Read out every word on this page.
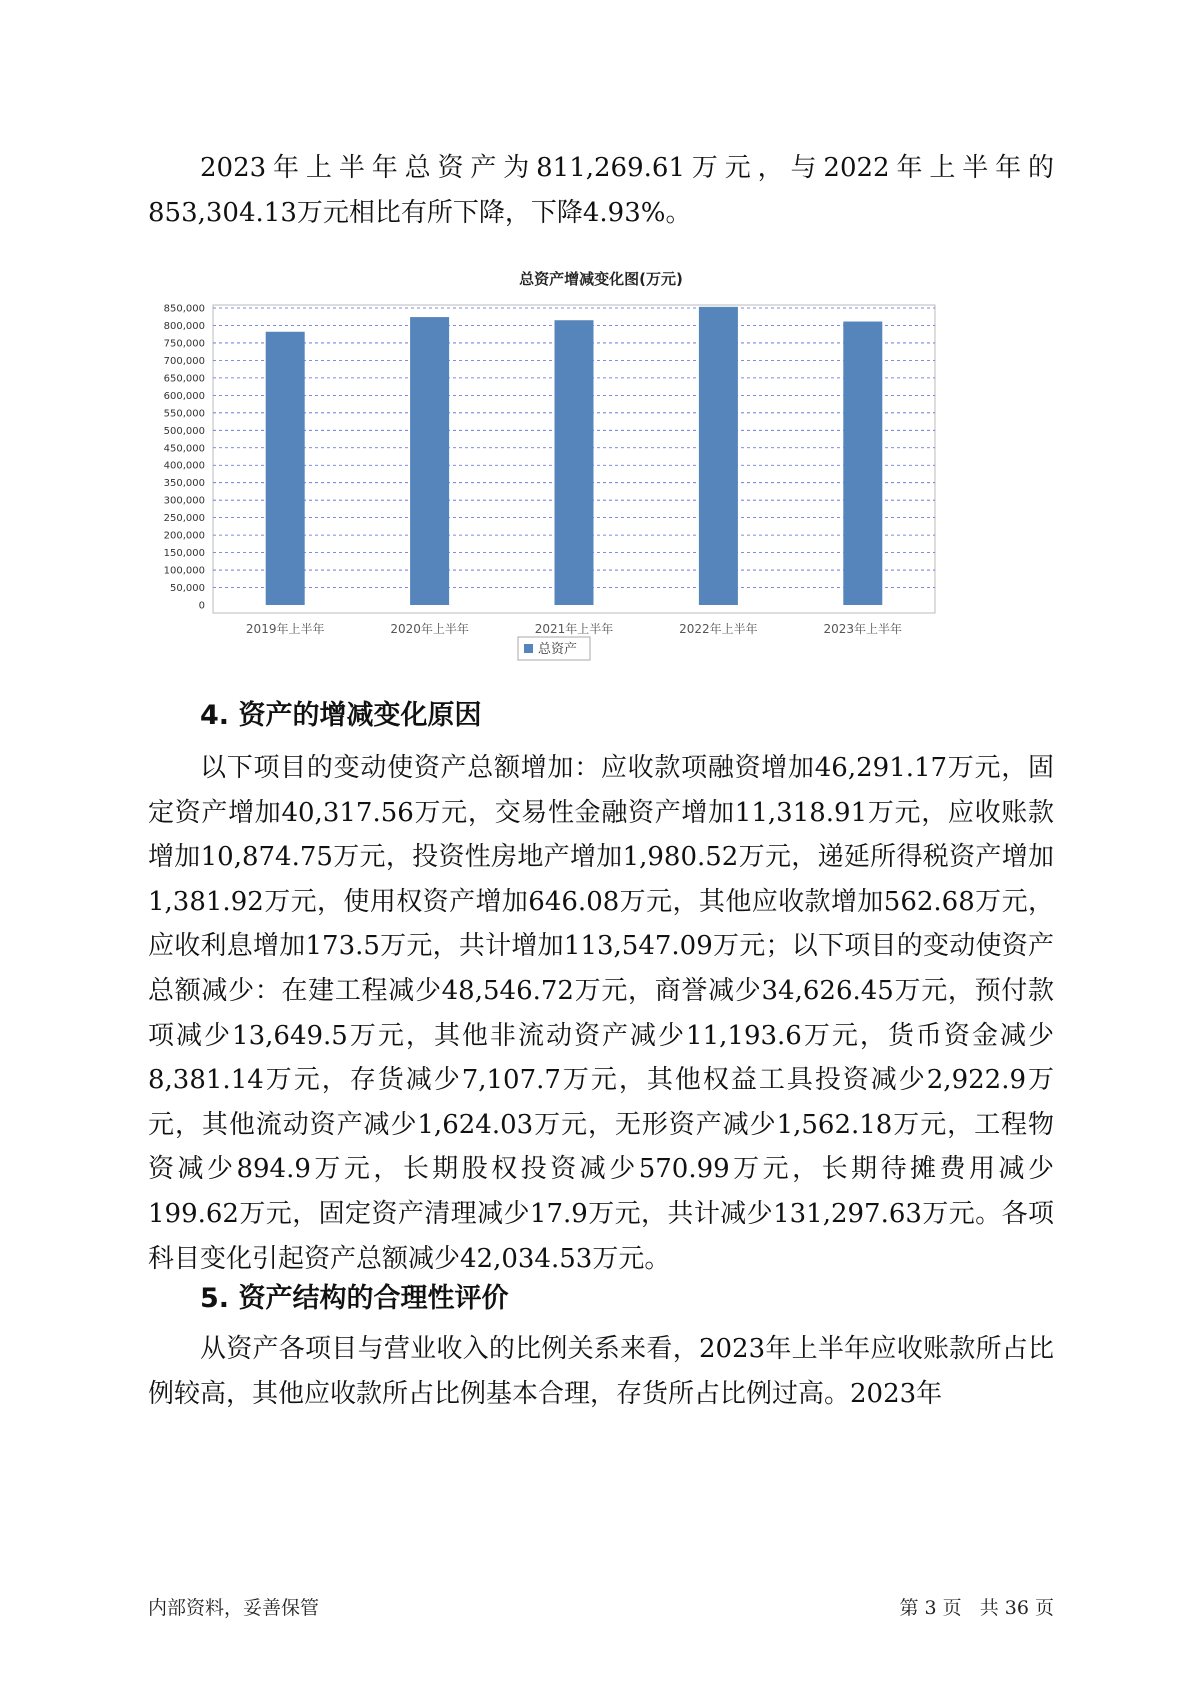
2023年上半年总资产为811,269.61万元，与2022年上半年的853,304.13万元相比有所下降，下降4.93%。

总资产增减变化图(万元)
0
50,000
100,000
150,000
200,000
250,000
300,000
350,000
400,000
450,000
500,000
550,000
600,000
650,000
700,000
750,000
800,000
850,000
2019年上半年	2020年上半年	2021年上半年	2022年上半年	2023年上半年
总资产
4. 资产的增减变化原因

以下项目的变动使资产总额增加：应收款项融资增加46,291.17万元，固定资产增加40,317.56万元，交易性金融资产增加11,318.91万元，应收账款增加10,874.75万元，投资性房地产增加1,980.52万元，递延所得税资产增加1,381.92万元，使用权资产增加646.08万元，其他应收款增加562.68万元，应收利息增加173.5万元，共计增加113,547.09万元；以下项目的变动使资产总额减少：在建工程减少48,546.72万元，商誉减少34,626.45万元，预付款项减少13,649.5万元，其他非流动资产减少11,193.6万元，货币资金减少8,381.14万元，存货减少7,107.7万元，其他权益工具投资减少2,922.9万元，其他流动资产减少1,624.03万元，无形资产减少1,562.18万元，工程物资减少894.9万元，长期股权投资减少570.99万元，长期待摊费用减少199.62万元，固定资产清理减少17.9万元，共计减少131,297.63万元。各项科目变化引起资产总额减少42,034.53万元。

5. 资产结构的合理性评价

从资产各项目与营业收入的比例关系来看，2023年上半年应收账款所占比例较高，其他应收款所占比例基本合理，存货所占比例过高。2023年

内部资料，妥善保管	第 3 页   共 36 页
